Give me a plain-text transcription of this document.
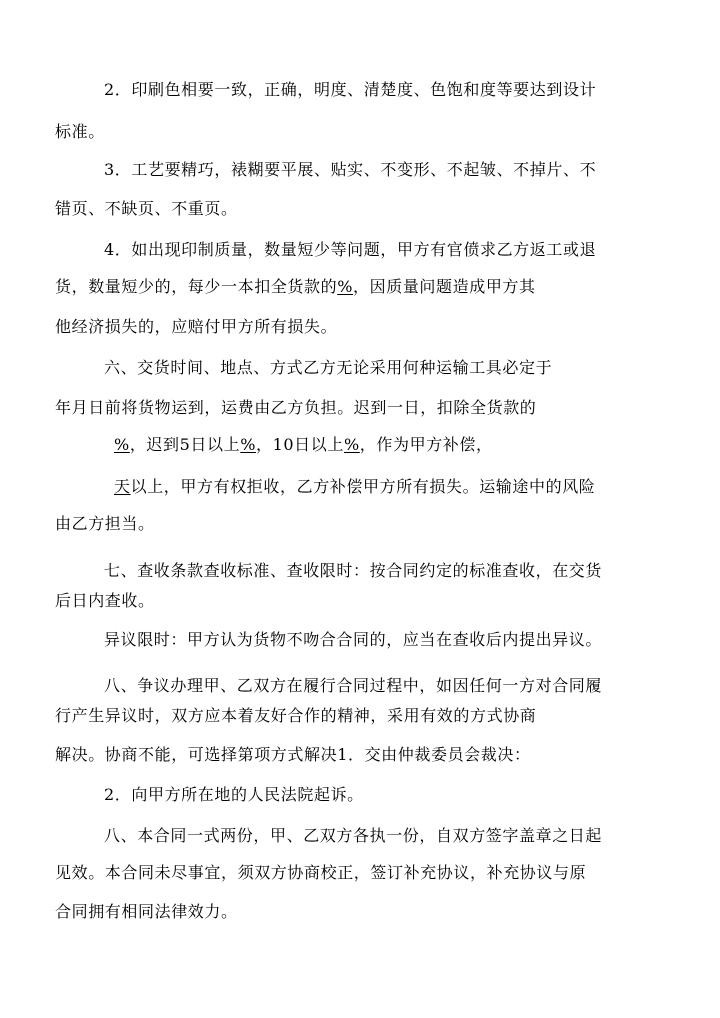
2．印刷色相要一致，正确，明度、清楚度、色饱和度等要达到设计
标准。
3．工艺要精巧，裱糊要平展、贴实、不变形、不起皱、不掉片、不
错页、不缺页、不重页。
4．如出现印制质量，数量短少等问题，甲方有官偾求乙方返工或退
货，数量短少的，每少一本扣全货款的%，因质量问题造成甲方其
他经济损失的，应赔付甲方所有损失。
六、交货时间、地点、方式乙方无论采用何种运输工具必定于
年月日前将货物运到，运费由乙方负担。迟到一日，扣除全货款的
%，迟到5日以上%，10日以上%，作为甲方补偿，
天以上，甲方有权拒收，乙方补偿甲方所有损失。运输途中的风险
由乙方担当。
七、查收条款查收标准、查收限时：按合同约定的标准查收，在交货
后日内查收。
异议限时：甲方认为货物不吻合合同的，应当在查收后内提出异议。
八、争议办理甲、乙双方在履行合同过程中，如因任何一方对合同履
行产生异议时，双方应本着友好合作的精神，采用有效的方式协商
解决。协商不能，可选择第项方式解决1．交由仲裁委员会裁决：
2．向甲方所在地的人民法院起诉。
八、本合同一式两份，甲、乙双方各执一份，自双方签字盖章之日起
见效。本合同未尽事宜，须双方协商校正，签订补充协议，补充协议与原
合同拥有相同法律效力。
